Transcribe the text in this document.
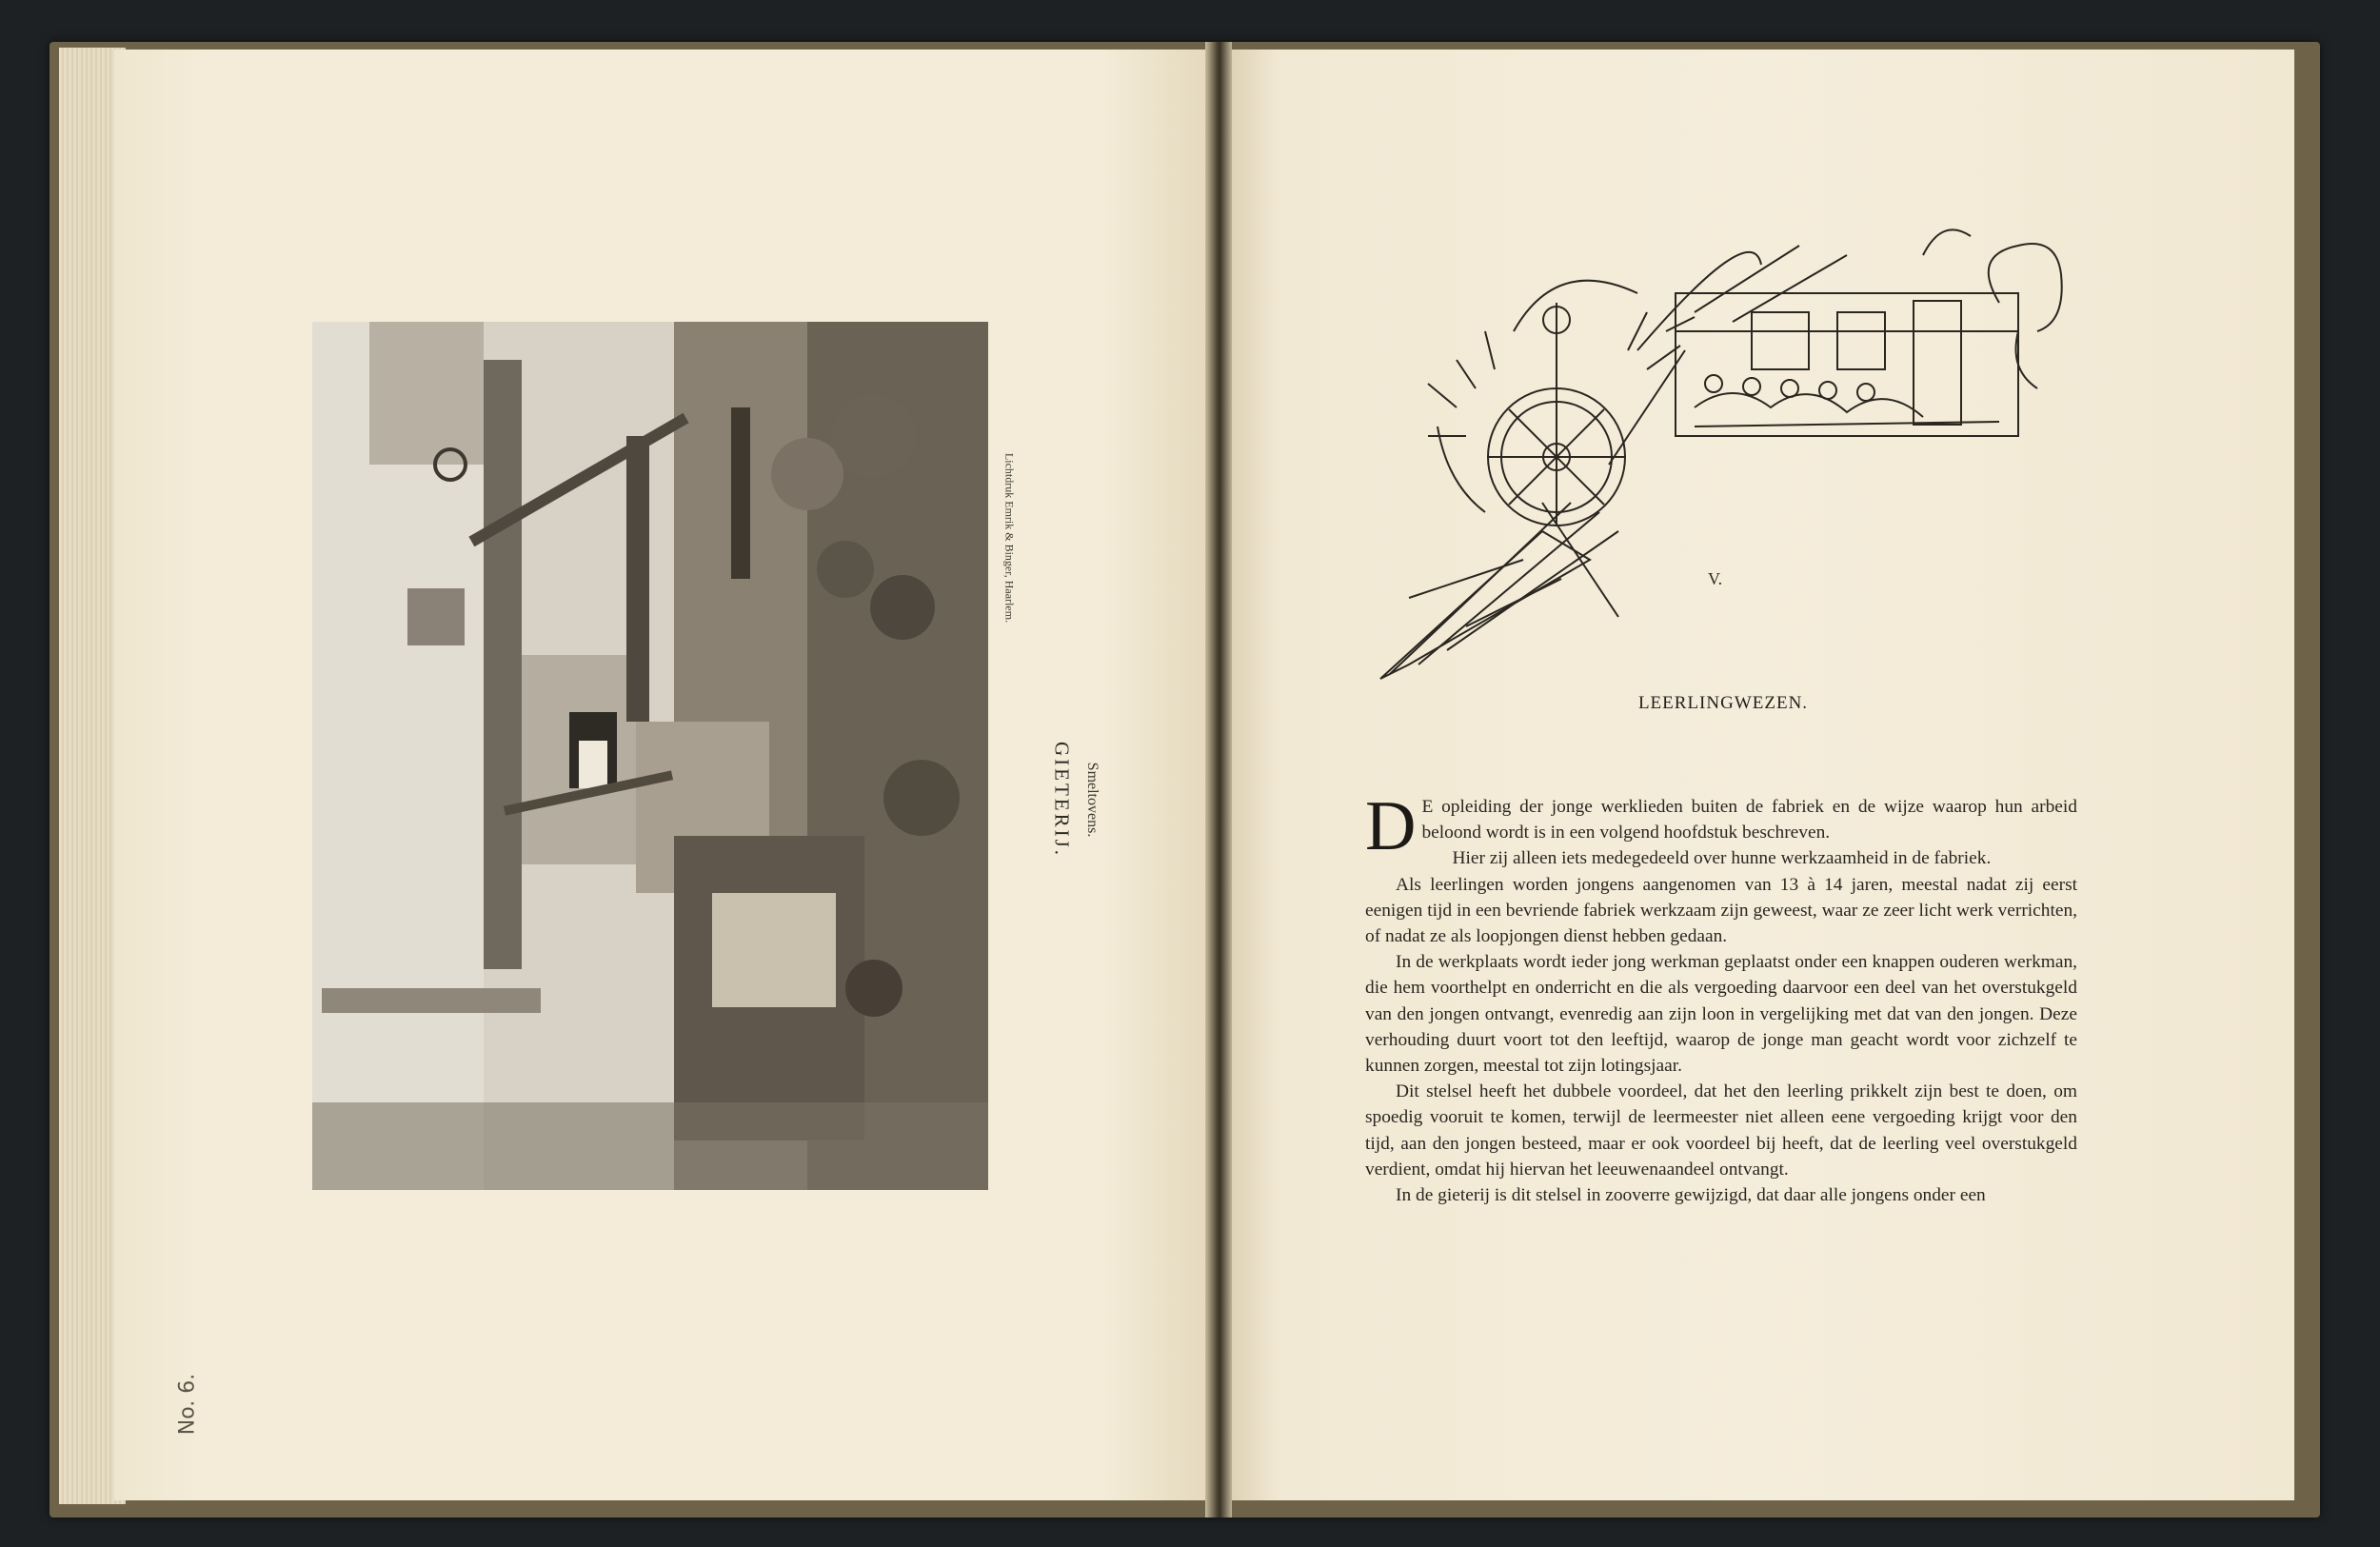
Lichtdruk Emrik & Binger, Haarlem.
GIETERIJ. Smeltovens.
No. 6.
V.
LEERLINGWEZEN.

D E opleiding der jonge werklieden buiten de fabriek en de wijze waarop hun arbeid beloond wordt is in een volgend hoofdstuk beschreven.

Hier zij alleen iets medegedeeld over hunne werkzaamheid in de fabriek.

Als leerlingen worden jongens aangenomen van 13 à 14 jaren, meestal nadat zij eerst eenigen tijd in een bevriende fabriek werkzaam zijn geweest, waar ze zeer licht werk verrichten, of nadat ze als loopjongen dienst hebben gedaan.

In de werkplaats wordt ieder jong werkman geplaatst onder een knappen ouderen werkman, die hem voorthelpt en onderricht en die als vergoeding daarvoor een deel van het overstukgeld van den jongen ontvangt, evenredig aan zijn loon in vergelijking met dat van den jongen. Deze verhouding duurt voort tot den leeftijd, waarop de jonge man geacht wordt voor zichzelf te kunnen zorgen, meestal tot zijn lotingsjaar.

Dit stelsel heeft het dubbele voordeel, dat het den leerling prikkelt zijn best te doen, om spoedig vooruit te komen, terwijl de leermeester niet alleen eene vergoeding krijgt voor den tijd, aan den jongen besteed, maar er ook voordeel bij heeft, dat de leerling veel overstukgeld verdient, omdat hij hiervan het leeuwenaandeel ontvangt.

In de gieterij is dit stelsel in zooverre gewijzigd, dat daar alle jongens onder een
